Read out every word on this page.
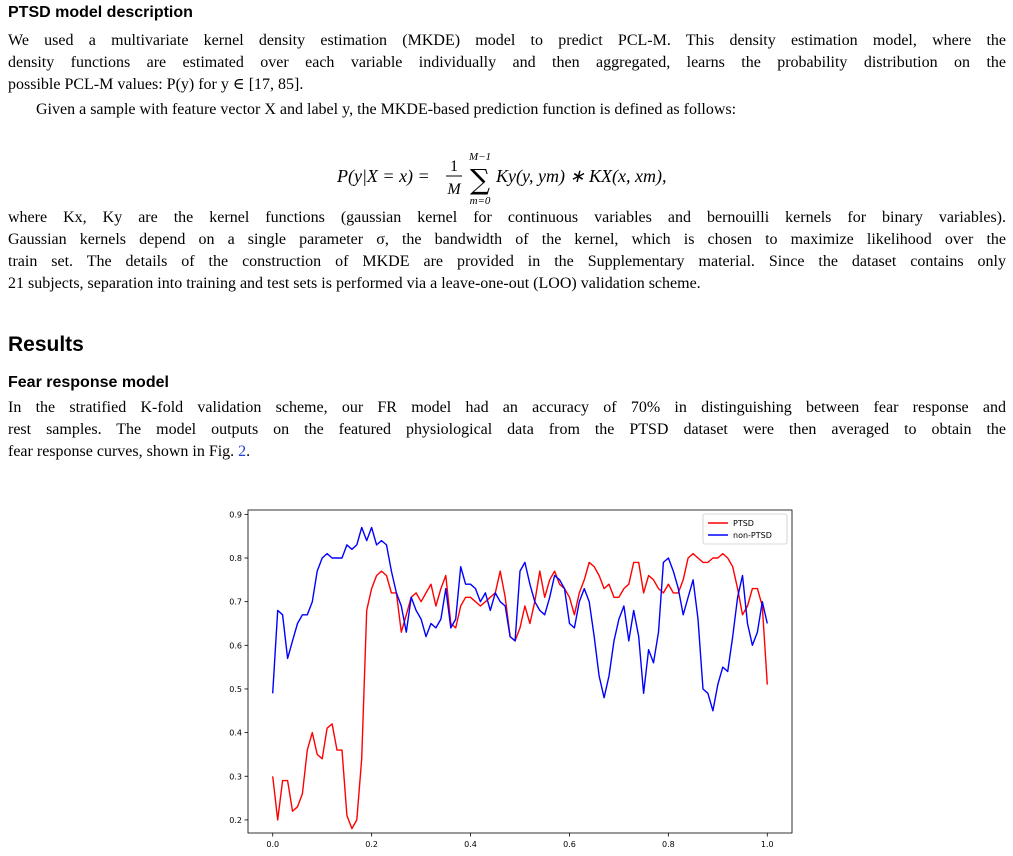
PTSD model description
We used a multivariate kernel density estimation (MKDE) model to predict PCL-M. This density estimation model, where the
density functions are estimated over each variable individually and then aggregated, learns the probability distribution on the
possible PCL-M values: P(y) for y ∈ [17, 85].

Given a sample with feature vector X and label y, the MKDE-based prediction function is defined as follows:

P(y|X = x) = 1
M
M−1
∑
m=0
Ky(y, ym) ∗ KX(x, xm),
where Kx, Ky are the kernel functions (gaussian kernel for continuous variables and bernouilli kernels for binary variables).
Gaussian kernels depend on a single parameter σ, the bandwidth of the kernel, which is chosen to maximize likelihood over the
train set. The details of the construction of MKDE are provided in the Supplementary material. Since the dataset contains only
21 subjects, separation into training and test sets is performed via a leave-one-out (LOO) validation scheme.
Results
Fear response model
In the stratified K-fold validation scheme, our FR model had an accuracy of 70% in distinguishing between fear response and
rest samples. The model outputs on the featured physiological data from the PTSD dataset were then averaged to obtain the
fear response curves, shown in Fig. 2.
0.0	0.2	0.4	0.6	0.8	1.0
0.2
0.3
0.4
0.5
0.6
0.7
0.8
0.9
PTSD
non-PTSD
